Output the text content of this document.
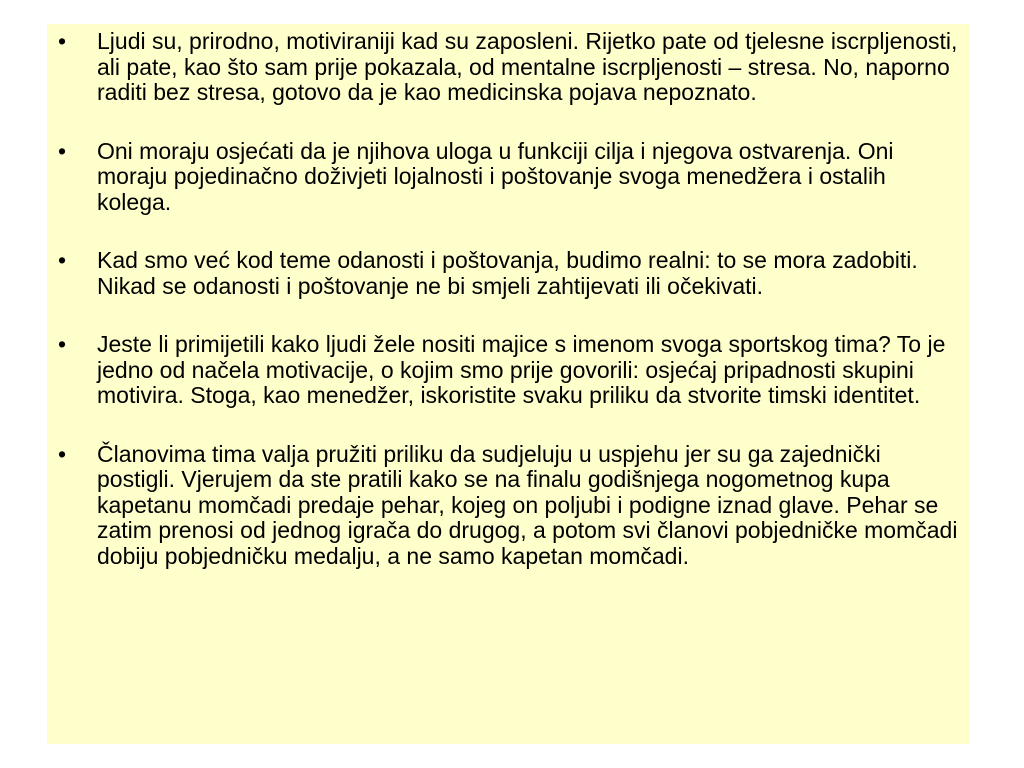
•	Ljudi su, prirodno, motiviraniji kad su zaposleni. Rijetko pate od tjelesne iscrpljenosti, ali pate, kao što sam prije pokazala, od mentalne iscrpljenosti – stresa. No, naporno raditi bez stresa, gotovo da je kao medicinska pojava nepoznato.
•	Oni moraju osjećati da je njihova uloga u funkciji cilja i njegova ostvarenja. Oni moraju pojedinačno doživjeti lojalnosti i poštovanje svoga menedžera i ostalih kolega.
•	Kad smo već kod teme odanosti i poštovanja, budimo realni: to se mora zadobiti. Nikad se odanosti i poštovanje ne bi smjeli zahtijevati ili očekivati.
•	Jeste li primijetili kako ljudi žele nositi majice s imenom svoga sportskog tima? To je jedno od načela motivacije, o kojim smo prije govorili: osjećaj pripadnosti skupini motivira. Stoga, kao menedžer, iskoristite svaku priliku da stvorite timski identitet.
•	Članovima tima valja pružiti priliku da sudjeluju u uspjehu jer su ga zajednički postigli. Vjerujem da ste pratili kako se na finalu godišnjega nogometnog kupa kapetanu momčadi predaje pehar, kojeg on poljubi i podigne iznad glave. Pehar se zatim prenosi od jednog igrača do drugog, a potom svi članovi pobjedničke momčadi dobiju pobjedničku medalju, a ne samo kapetan momčadi.
